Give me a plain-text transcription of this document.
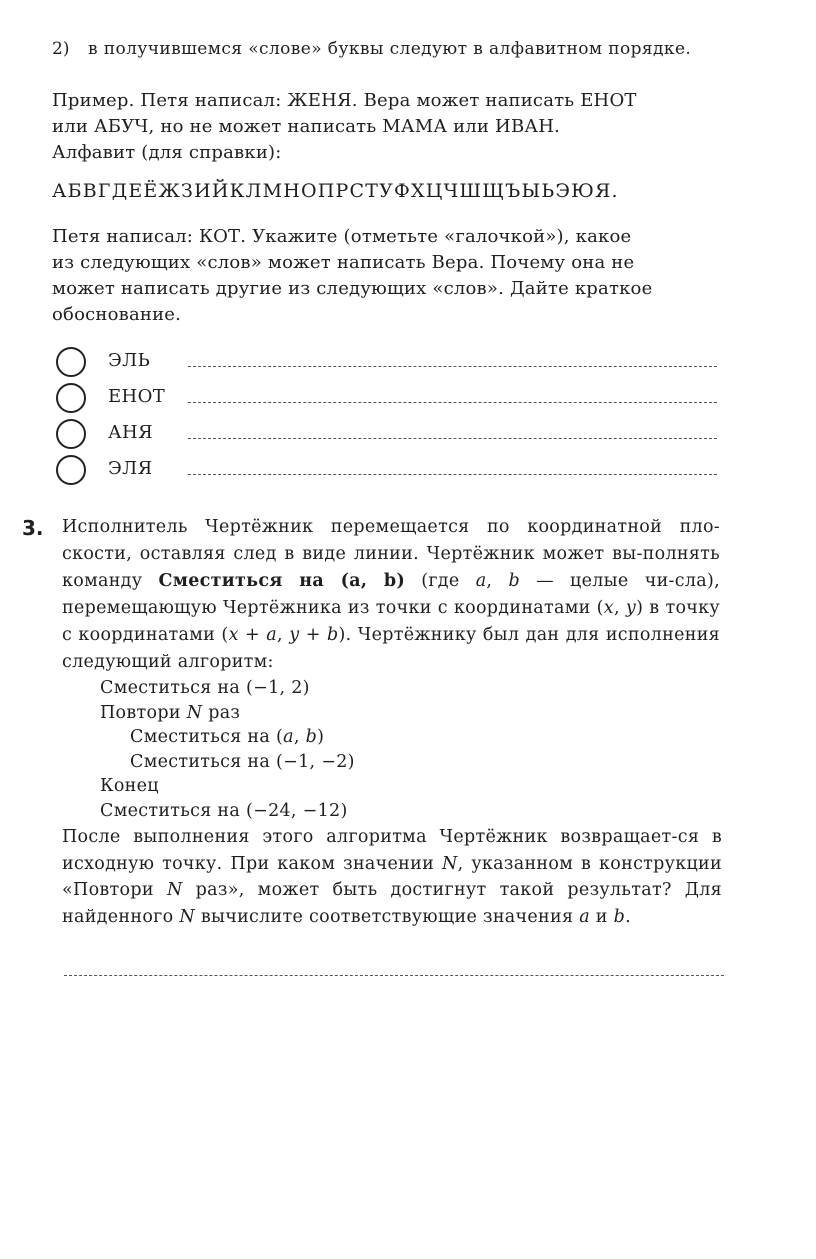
2) в получившемся «слове» буквы следуют в алфавитном порядке.
Пример. Петя написал: ЖЕНЯ. Вера может написать ЕНОТ
или АБУЧ, но не может написать МАМА или ИВАН.
Алфавит (для справки):
АБВГДЕЁЖЗИЙКЛМНОПРСТУФХЦЧШЩЪЫЬЭЮЯ.
Петя написал: КОТ. Укажите (отметьте «галочкой»), какое
из следующих «слов» может написать Вера. Почему она не
может написать другие из следующих «слов». Дайте краткое
обоснование.
ЭЛЬ
ЕНОТ
АНЯ
ЭЛЯ
3. Исполнитель Чертёжник перемещается по координатной пло-скости, оставляя след в виде линии. Чертёжник может вы-полнять команду Сместиться на (a, b) (где a, b — целые чи-сла), перемещающую Чертёжника из точки с координатами (x, y) в точку с координатами (x + a, y + b). Чертёжнику был дан для исполнения следующий алгоритм:
Сместиться на (−1, 2)
Повтори N раз
Сместиться на (a, b)
Сместиться на (−1, −2)
Конец
Сместиться на (−24, −12)
После выполнения этого алгоритма Чертёжник возвращает-ся в исходную точку. При каком значении N, указанном в конструкции «Повтори N раз», может быть достигнут такой результат? Для найденного N вычислите соответствующие значения a и b.
